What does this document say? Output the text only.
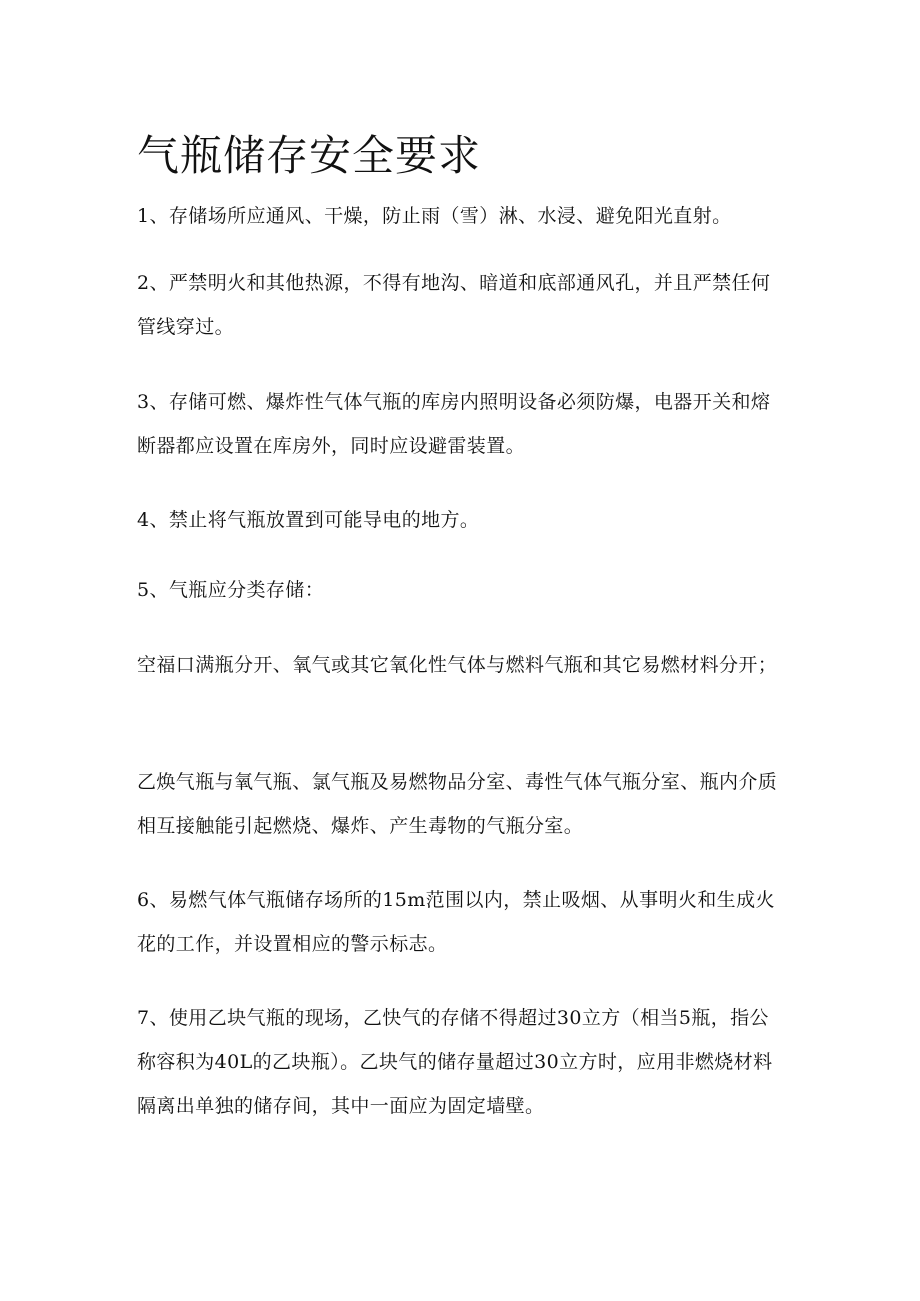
气瓶储存安全要求

1、存储场所应通风、干燥，防止雨（雪）淋、水浸、避免阳光直射。

2、严禁明火和其他热源，不得有地沟、暗道和底部通风孔，并且严禁任何管线穿过。

3、存储可燃、爆炸性气体气瓶的库房内照明设备必须防爆，电器开关和熔断器都应设置在库房外，同时应设避雷装置。

4、禁止将气瓶放置到可能导电的地方。

5、气瓶应分类存储：

空福口满瓶分开、氧气或其它氧化性气体与燃料气瓶和其它易燃材料分开；

乙焕气瓶与氧气瓶、氯气瓶及易燃物品分室、毒性气体气瓶分室、瓶内介质相互接触能引起燃烧、爆炸、产生毒物的气瓶分室。

6、易燃气体气瓶储存场所的15m范围以内，禁止吸烟、从事明火和生成火花的工作，并设置相应的警示标志。

7、使用乙块气瓶的现场，乙快气的存储不得超过30立方（相当5瓶，指公称容积为40L的乙块瓶）。乙块气的储存量超过30立方时，应用非燃烧材料隔离出单独的储存间，其中一面应为固定墙壁。
